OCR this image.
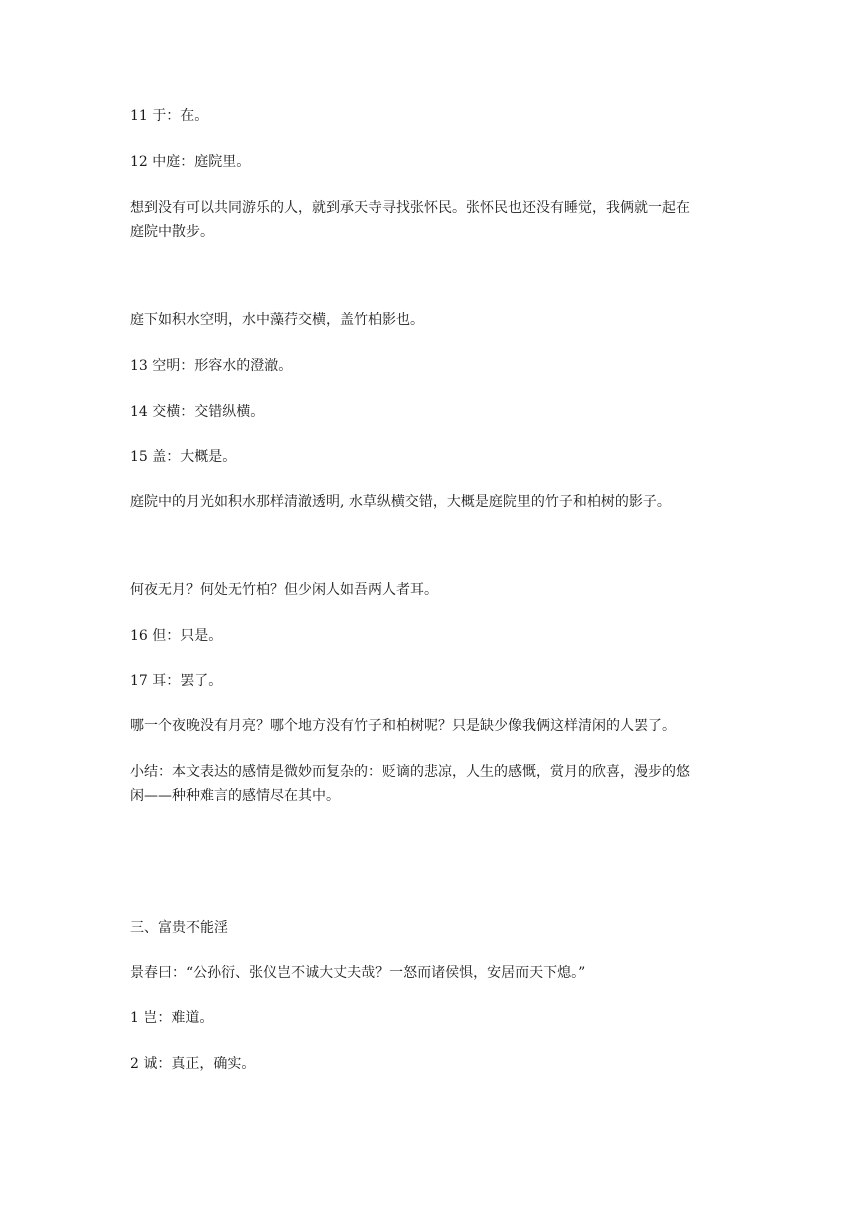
11 于：在。
12 中庭：庭院里。
想到没有可以共同游乐的人，就到承天寺寻找张怀民。张怀民也还没有睡觉，我俩就一起在
庭院中散步。
庭下如积水空明，水中藻荇交横，盖竹柏影也。
13 空明：形容水的澄澈。
14 交横：交错纵横。
15 盖：大概是。
庭院中的月光如积水那样清澈透明, 水草纵横交错，大概是庭院里的竹子和柏树的影子。
何夜无月？何处无竹柏？但少闲人如吾两人者耳。
16 但：只是。
17 耳：罢了。
哪一个夜晚没有月亮？哪个地方没有竹子和柏树呢？只是缺少像我俩这样清闲的人罢了。
小结：本文表达的感情是微妙而复杂的：贬谪的悲凉，人生的感慨，赏月的欣喜，漫步的悠
闲——种种难言的感情尽在其中。
三、富贵不能淫
景春曰：“公孙衍、张仪岂不诚大丈夫哉？一怒而诸侯惧，安居而天下熄。”
1 岂：难道。
2 诚：真正，确实。
